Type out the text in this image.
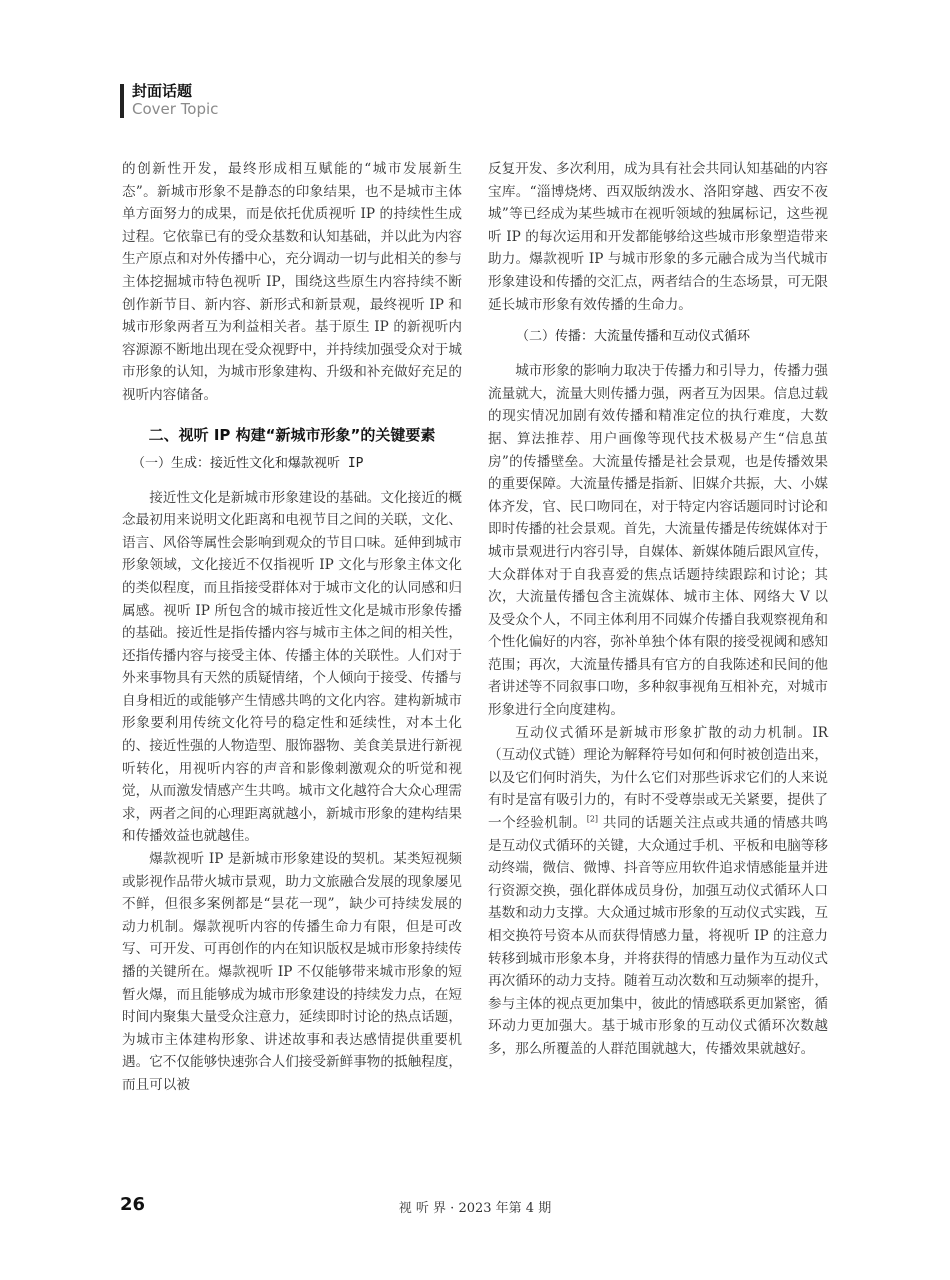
封面话题
Cover Topic

的创新性开发，最终形成相互赋能的“城市发展新生态”。新城市形象不是静态的印象结果，也不是城市主体单方面努力的成果，而是依托优质视听 IP 的持续性生成过程。它依靠已有的受众基数和认知基础，并以此为内容生产原点和对外传播中心，充分调动一切与此相关的参与主体挖掘城市特色视听 IP，围绕这些原生内容持续不断创作新节目、新内容、新形式和新景观，最终视听 IP 和城市形象两者互为利益相关者。基于原生 IP 的新视听内容源源不断地出现在受众视野中，并持续加强受众对于城市形象的认知，为城市形象建构、升级和补充做好充足的视听内容储备。

二、视听 IP 构建“新城市形象”的关键要素
（一）生成：接近性文化和爆款视听 IP

接近性文化是新城市形象建设的基础。文化接近的概念最初用来说明文化距离和电视节目之间的关联，文化、语言、风俗等属性会影响到观众的节目口味。延伸到城市形象领域，文化接近不仅指视听 IP 文化与形象主体文化的类似程度，而且指接受群体对于城市文化的认同感和归属感。视听 IP 所包含的城市接近性文化是城市形象传播的基础。接近性是指传播内容与城市主体之间的相关性，还指传播内容与接受主体、传播主体的关联性。人们对于外来事物具有天然的质疑情绪，个人倾向于接受、传播与自身相近的或能够产生情感共鸣的文化内容。建构新城市形象要利用传统文化符号的稳定性和延续性，对本土化的、接近性强的人物造型、服饰器物、美食美景进行新视听转化，用视听内容的声音和影像刺激观众的听觉和视觉，从而激发情感产生共鸣。城市文化越符合大众心理需求，两者之间的心理距离就越小，新城市形象的建构结果和传播效益也就越佳。

爆款视听 IP 是新城市形象建设的契机。某类短视频或影视作品带火城市景观，助力文旅融合发展的现象屡见不鲜，但很多案例都是“昙花一现”，缺少可持续发展的动力机制。爆款视听内容的传播生命力有限，但是可改写、可开发、可再创作的内在知识版权是城市形象持续传播的关键所在。爆款视听 IP 不仅能够带来城市形象的短暂火爆，而且能够成为城市形象建设的持续发力点，在短时间内聚集大量受众注意力，延续即时讨论的热点话题，为城市主体建构形象、讲述故事和表达感情提供重要机遇。它不仅能够快速弥合人们接受新鲜事物的抵触程度，而且可以被

反复开发、多次利用，成为具有社会共同认知基础的内容宝库。“淄博烧烤、西双版纳泼水、洛阳穿越、西安不夜城”等已经成为某些城市在视听领域的独属标记，这些视听 IP 的每次运用和开发都能够给这些城市形象塑造带来助力。爆款视听 IP 与城市形象的多元融合成为当代城市形象建设和传播的交汇点，两者结合的生态场景，可无限延长城市形象有效传播的生命力。

（二）传播：大流量传播和互动仪式循环

城市形象的影响力取决于传播力和引导力，传播力强流量就大，流量大则传播力强，两者互为因果。信息过载的现实情况加剧有效传播和精准定位的执行难度，大数据、算法推荐、用户画像等现代技术极易产生“信息茧房”的传播壁垒。大流量传播是社会景观，也是传播效果的重要保障。大流量传播是指新、旧媒介共振，大、小媒体齐发，官、民口吻同在，对于特定内容话题同时讨论和即时传播的社会景观。首先，大流量传播是传统媒体对于城市景观进行内容引导，自媒体、新媒体随后跟风宣传，大众群体对于自我喜爱的焦点话题持续跟踪和讨论；其次，大流量传播包含主流媒体、城市主体、网络大 V 以及受众个人，不同主体利用不同媒介传播自我观察视角和个性化偏好的内容，弥补单独个体有限的接受视阈和感知范围；再次，大流量传播具有官方的自我陈述和民间的他者讲述等不同叙事口吻，多种叙事视角互相补充，对城市形象进行全向度建构。

互动仪式循环是新城市形象扩散的动力机制。IR（互动仪式链）理论为解释符号如何和何时被创造出来，以及它们何时消失，为什么它们对那些诉求它们的人来说有时是富有吸引力的，有时不受尊崇或无关紧要，提供了一个经验机制。[2] 共同的话题关注点或共通的情感共鸣是互动仪式循环的关键，大众通过手机、平板和电脑等移动终端，微信、微博、抖音等应用软件追求情感能量并进行资源交换，强化群体成员身份，加强互动仪式循环人口基数和动力支撑。大众通过城市形象的互动仪式实践，互相交换符号资本从而获得情感力量，将视听 IP 的注意力转移到城市形象本身，并将获得的情感力量作为互动仪式再次循环的动力支持。随着互动次数和互动频率的提升，参与主体的视点更加集中，彼此的情感联系更加紧密，循环动力更加强大。基于城市形象的互动仪式循环次数越多，那么所覆盖的人群范围就越大，传播效果就越好。

26	视 听 界 · 2023 年第 4 期
